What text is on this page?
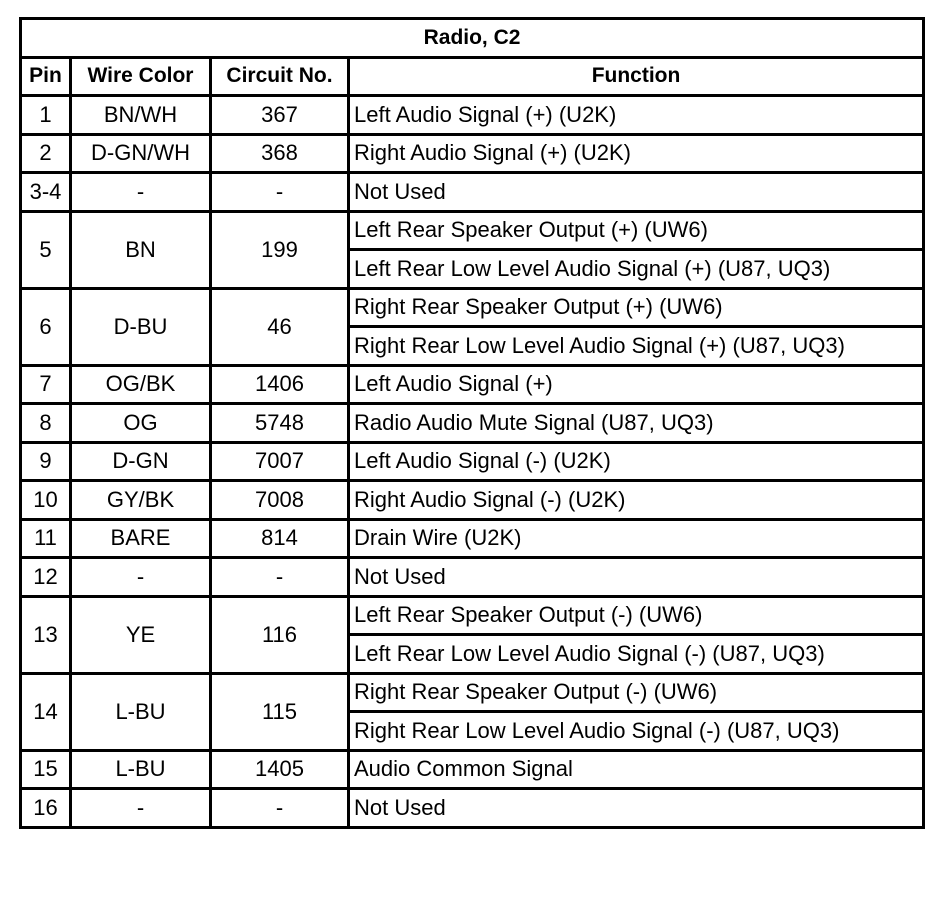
Radio, C2			
Pin	Wire Color	Circuit No.	Function
1	BN/WH	367	Left Audio Signal (+) (U2K)
2	D-GN/WH	368	Right Audio Signal (+) (U2K)
3-4	-	-	Not Used
5	BN	199	Left Rear Speaker Output (+) (UW6)
			Left Rear Low Level Audio Signal (+) (U87, UQ3)
6	D-BU	46	Right Rear Speaker Output (+) (UW6)
			Right Rear Low Level Audio Signal (+) (U87, UQ3)
7	OG/BK	1406	Left Audio Signal (+)
8	OG	5748	Radio Audio Mute Signal (U87, UQ3)
9	D-GN	7007	Left Audio Signal (-) (U2K)
10	GY/BK	7008	Right Audio Signal (-) (U2K)
11	BARE	814	Drain Wire (U2K)
12	-	-	Not Used
13	YE	116	Left Rear Speaker Output (-) (UW6)
			Left Rear Low Level Audio Signal (-) (U87, UQ3)
14	L-BU	115	Right Rear Speaker Output (-) (UW6)
			Right Rear Low Level Audio Signal (-) (U87, UQ3)
15	L-BU	1405	Audio Common Signal
16	-	-	Not Used
